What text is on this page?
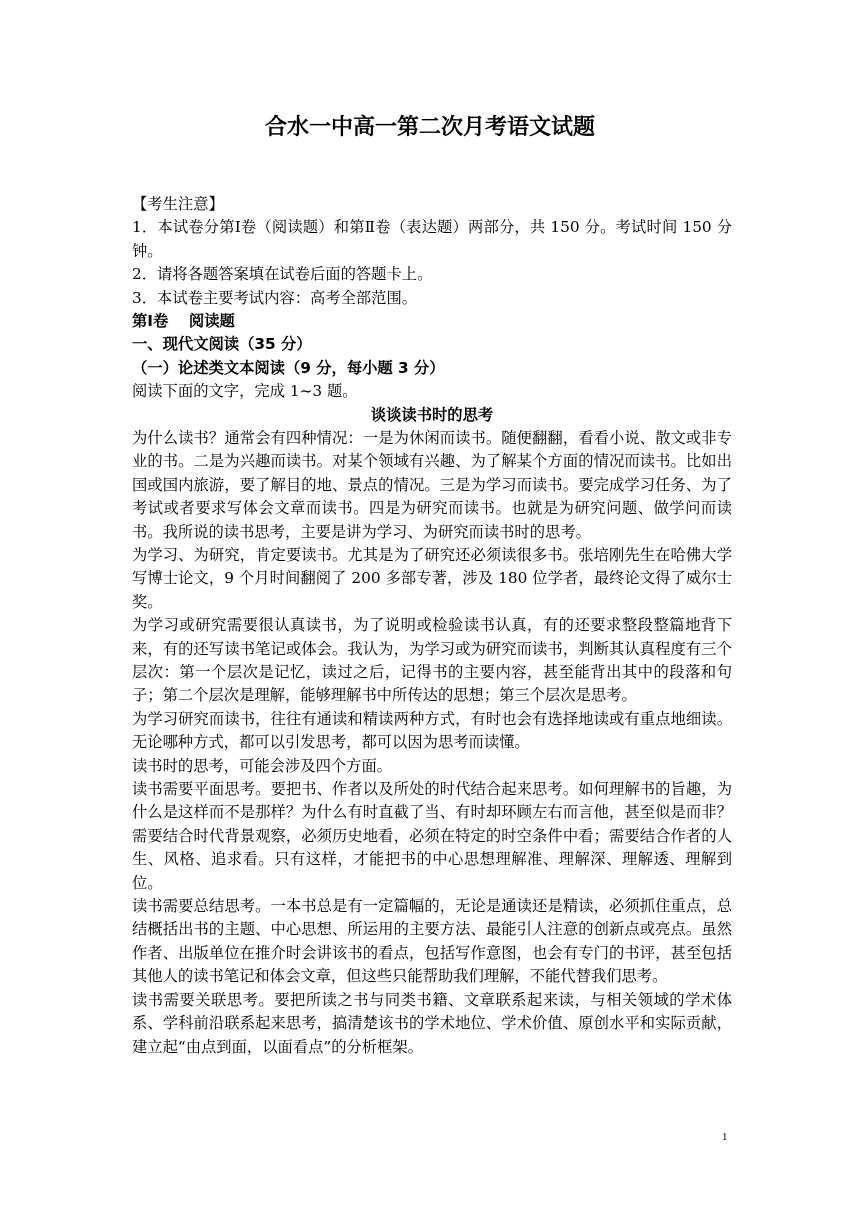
合水一中高一第二次月考语文试题
【考生注意】
1．本试卷分第Ⅰ卷（阅读题）和第Ⅱ卷（表达题）两部分，共 150 分。考试时间 150 分钟。
2．请将各题答案填在试卷后面的答题卡上。
3．本试卷主要考试内容：高考全部范围。
第Ⅰ卷　 阅读题
一、现代文阅读（35 分）
（一）论述类文本阅读（9 分，每小题 3 分）
阅读下面的文字，完成 1~3 题。
谈谈读书时的思考
为什么读书？通常会有四种情况：一是为休闲而读书。随便翻翻，看看小说、散文或非专业的书。二是为兴趣而读书。对某个领域有兴趣、为了解某个方面的情况而读书。比如出国或国内旅游，要了解目的地、景点的情况。三是为学习而读书。要完成学习任务、为了考试或者要求写体会文章而读书。四是为研究而读书。也就是为研究问题、做学问而读书。我所说的读书思考，主要是讲为学习、为研究而读书时的思考。
为学习、为研究，肯定要读书。尤其是为了研究还必须读很多书。张培刚先生在哈佛大学写博士论文，9 个月时间翻阅了 200 多部专著，涉及 180 位学者，最终论文得了威尔士奖。
为学习或研究需要很认真读书，为了说明或检验读书认真，有的还要求整段整篇地背下来，有的还写读书笔记或体会。我认为，为学习或为研究而读书，判断其认真程度有三个层次：第一个层次是记忆，读过之后，记得书的主要内容，甚至能背出其中的段落和句子；第二个层次是理解，能够理解书中所传达的思想；第三个层次是思考。
为学习研究而读书，往往有通读和精读两种方式，有时也会有选择地读或有重点地细读。无论哪种方式，都可以引发思考，都可以因为思考而读懂。
读书时的思考，可能会涉及四个方面。
读书需要平面思考。要把书、作者以及所处的时代结合起来思考。如何理解书的旨趣，为什么是这样而不是那样？为什么有时直截了当、有时却环顾左右而言他，甚至似是而非？需要结合时代背景观察，必须历史地看，必须在特定的时空条件中看；需要结合作者的人生、风格、追求看。只有这样，才能把书的中心思想理解准、理解深、理解透、理解到位。
读书需要总结思考。一本书总是有一定篇幅的，无论是通读还是精读，必须抓住重点，总结概括出书的主题、中心思想、所运用的主要方法、最能引人注意的创新点或亮点。虽然作者、出版单位在推介时会讲该书的看点，包括写作意图，也会有专门的书评，甚至包括其他人的读书笔记和体会文章，但这些只能帮助我们理解，不能代替我们思考。
读书需要关联思考。要把所读之书与同类书籍、文章联系起来读，与相关领域的学术体系、学科前沿联系起来思考，搞清楚该书的学术地位、学术价值、原创水平和实际贡献，建立起“由点到面，以面看点”的分析框架。
1
